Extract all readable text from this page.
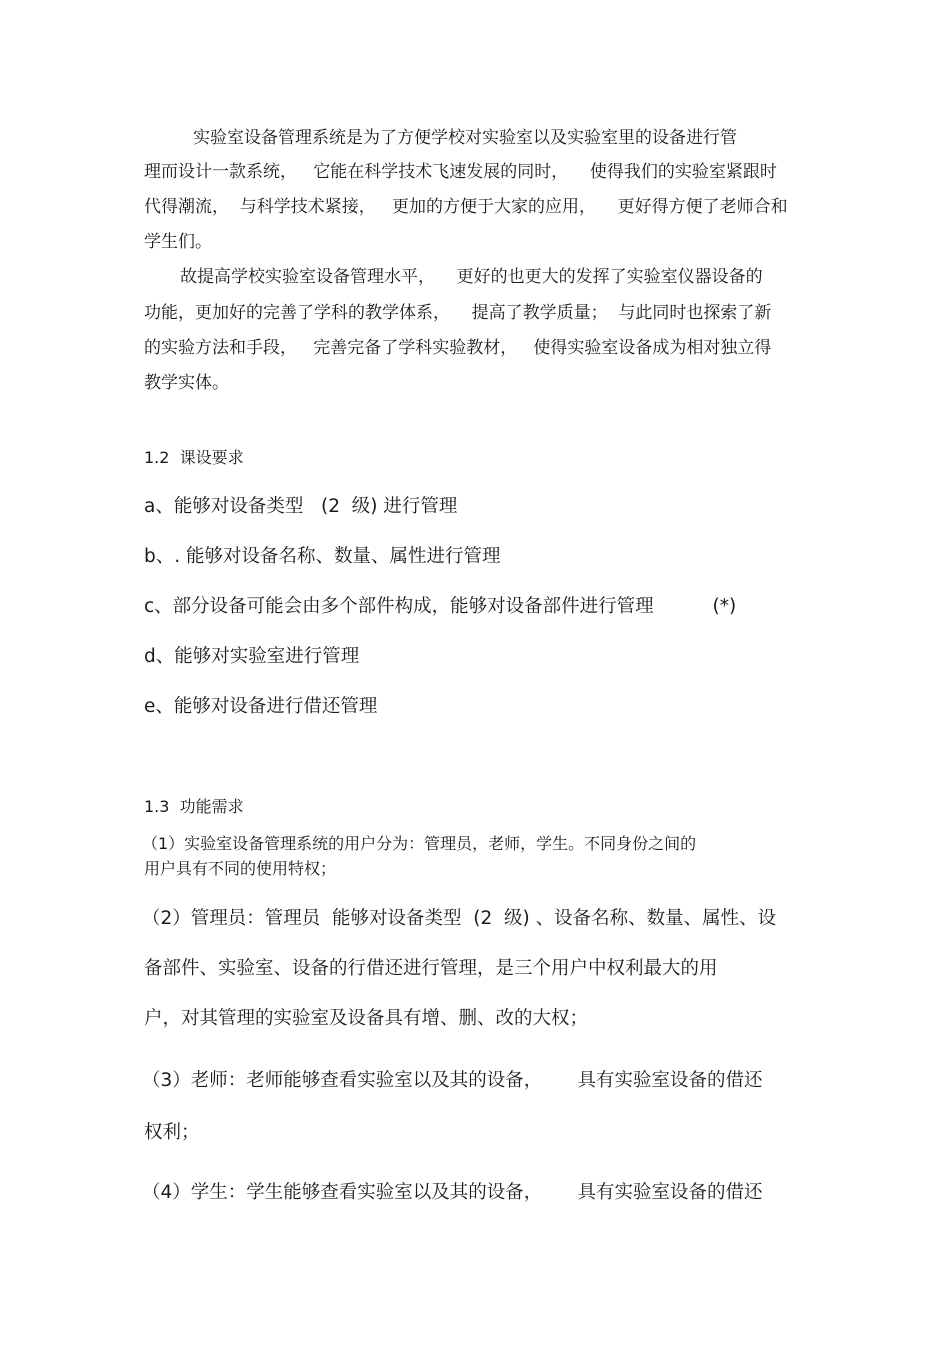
实验室设备管理系统是为了方便学校对实验室以及实验室里的设备进行管
理而设计一款系统，   它能在科学技术飞速发展的同时，    使得我们的实验室紧跟时
代得潮流，  与科学技术紧接，   更加的方便于大家的应用，    更好得方便了老师合和
学生们。
故提高学校实验室设备管理水平，    更好的也更大的发挥了实验室仪器设备的
功能，更加好的完善了学科的教学体系，    提高了教学质量；  与此同时也探索了新
的实验方法和手段，   完善完备了学科实验教材，   使得实验室设备成为相对独立得
教学实体。
1.2  课设要求
a、能够对设备类型   (2  级) 进行管理
b、. 能够对设备名称、数量、属性进行管理
c、部分设备可能会由多个部件构成，能够对设备部件进行管理          (*)
d、能够对实验室进行管理
e、能够对设备进行借还管理
1.3  功能需求
（1）实验室设备管理系统的用户分为：管理员，老师，学生。不同身份之间的
用户具有不同的使用特权；
（2）管理员：管理员  能够对设备类型  (2  级) 、设备名称、数量、属性、设
备部件、实验室、设备的行借还进行管理，是三个用户中权利最大的用
户，对其管理的实验室及设备具有增、删、改的大权；
（3）老师：老师能够查看实验室以及其的设备，      具有实验室设备的借还
权利；
（4）学生：学生能够查看实验室以及其的设备，      具有实验室设备的借还
